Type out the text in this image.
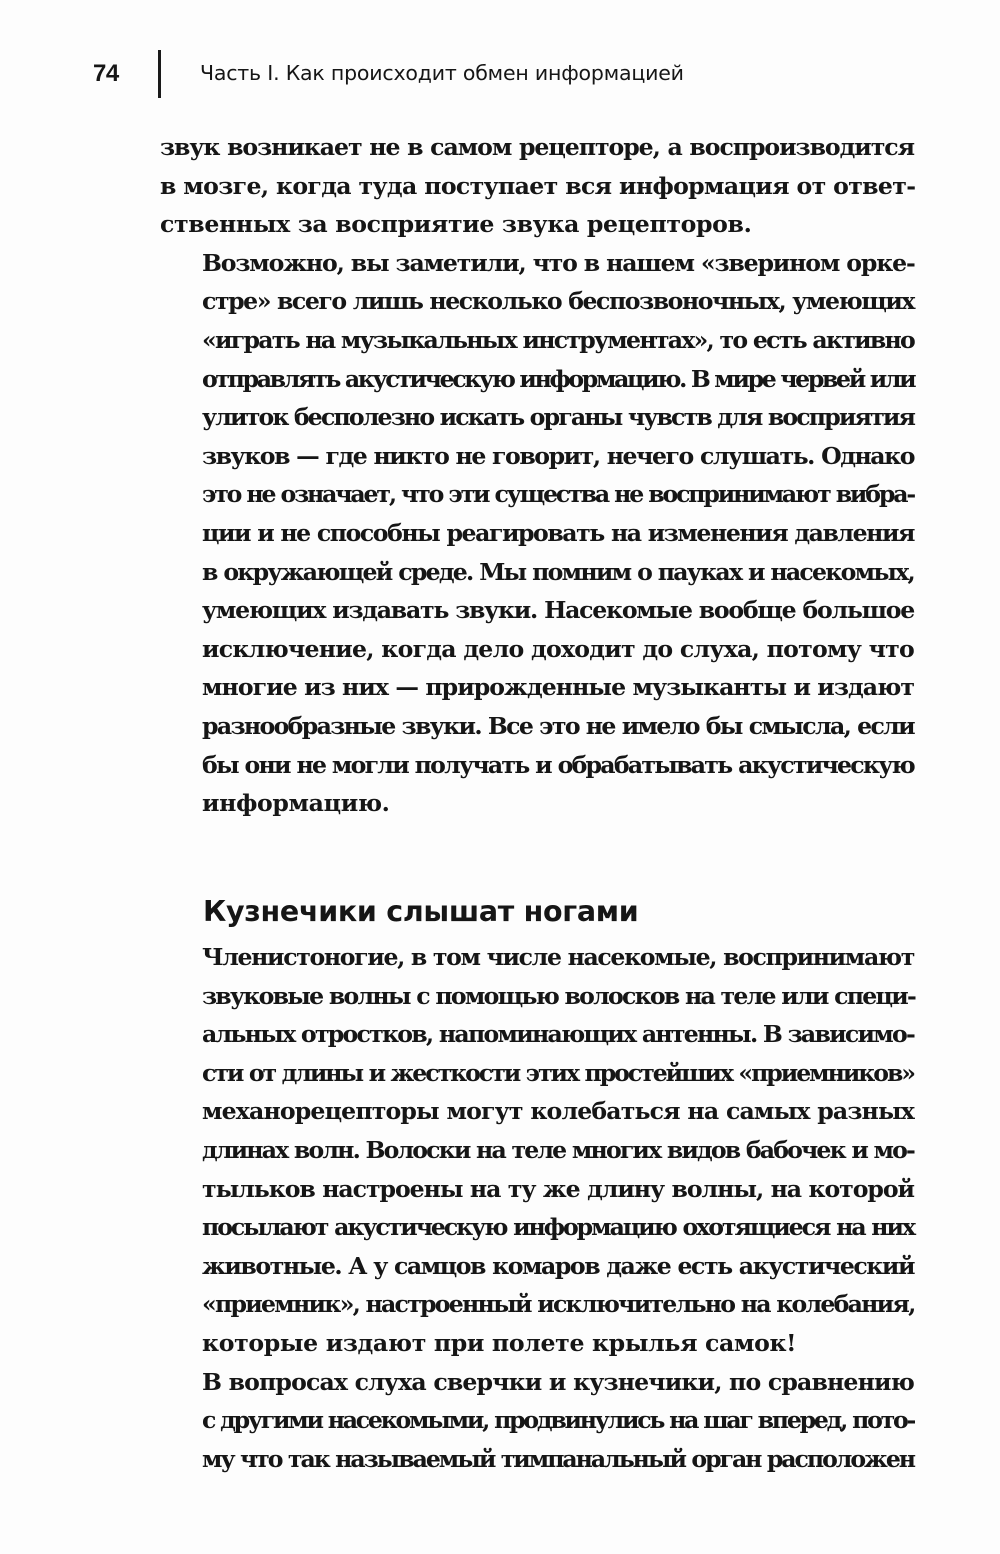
74	Часть I. Как происходит обмен информацией

звук возникает не в самом рецепторе, а воспроизводится
в мозге, когда туда поступает вся информация от ответ-
ственных за восприятие звука рецепторов.

Возможно, вы заметили, что в нашем «зверином орке-
стре» всего лишь несколько беспозвоночных, умеющих
«играть на музыкальных инструментах», то есть активно
отправлять акустическую информацию. В мире червей или
улиток бесполезно искать органы чувств для восприятия
звуков — где никто не говорит, нечего слушать. Однако
это не означает, что эти существа не воспринимают вибра-
ции и не способны реагировать на изменения давления
в окружающей среде. Мы помним о пауках и насекомых,
умеющих издавать звуки. Насекомые вообще большое
исключение, когда дело доходит до слуха, потому что
многие из них — прирожденные музыканты и издают
разнообразные звуки. Все это не имело бы смысла, если
бы они не могли получать и обрабатывать акустическую
информацию.

Кузнечики слышат ногами

Членистоногие, в том числе насекомые, воспринимают
звуковые волны с помощью волосков на теле или специ-
альных отростков, напоминающих антенны. В зависимо-
сти от длины и жесткости этих простейших «приемников»
механорецепторы могут колебаться на самых разных
длинах волн. Волоски на теле многих видов бабочек и мо-
тыльков настроены на ту же длину волны, на которой
посылают акустическую информацию охотящиеся на них
животные. А у самцов комаров даже есть акустический
«приемник», настроенный исключительно на колебания,
которые издают при полете крылья самок!

В вопросах слуха сверчки и кузнечики, по сравнению
с другими насекомыми, продвинулись на шаг вперед, пото-
му что так называемый тимпанальный орган расположен
